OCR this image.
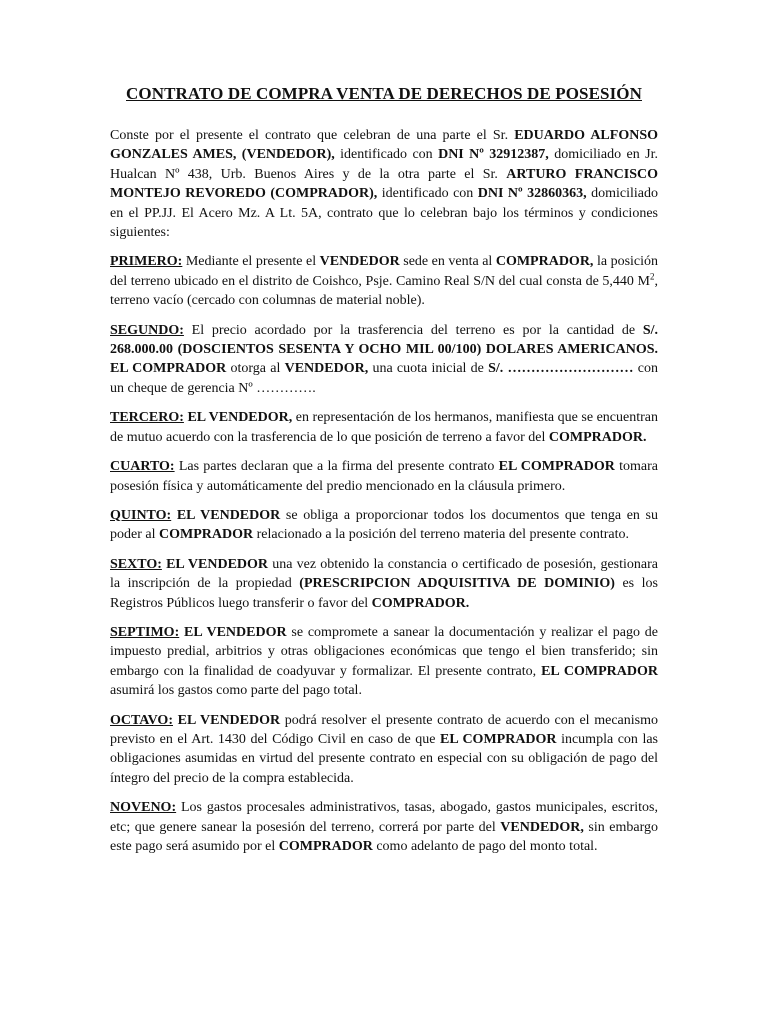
CONTRATO DE COMPRA VENTA DE DERECHOS DE POSESIÓN

Conste por el presente el contrato que celebran de una parte el Sr. EDUARDO ALFONSO GONZALES AMES, (VENDEDOR), identificado con DNI Nº 32912387, domiciliado en Jr. Hualcan Nº 438, Urb. Buenos Aires y de la otra parte el Sr. ARTURO FRANCISCO MONTEJO REVOREDO (COMPRADOR), identificado con DNI Nº 32860363, domiciliado en el PP.JJ. El Acero Mz. A Lt. 5A, contrato que lo celebran bajo los términos y condiciones siguientes:

PRIMERO: Mediante el presente el VENDEDOR sede en venta al COMPRADOR, la posición del terreno ubicado en el distrito de Coishco, Psje. Camino Real S/N del cual consta de 5,440 $M^2$, terreno vacío (cercado con columnas de material noble).

SEGUNDO: El precio acordado por la trasferencia del terreno es por la cantidad de S/. 268.000.00 (DOSCIENTOS SESENTA Y OCHO MIL 00/100) DOLARES AMERICANOS. EL COMPRADOR otorga al VENDEDOR, una cuota inicial de S/. ……………………… con un cheque de gerencia Nº ………….

TERCERO: EL VENDEDOR, en representación de los hermanos, manifiesta que se encuentran de mutuo acuerdo con la trasferencia de lo que posición de terreno a favor del COMPRADOR.

CUARTO: Las partes declaran que a la firma del presente contrato EL COMPRADOR tomara posesión física y automáticamente del predio mencionado en la cláusula primero.

QUINTO: EL VENDEDOR se obliga a proporcionar todos los documentos que tenga en su poder al COMPRADOR relacionado a la posición del terreno materia del presente contrato.

SEXTO: EL VENDEDOR una vez obtenido la constancia o certificado de posesión, gestionara la inscripción de la propiedad (PRESCRIPCION ADQUISITIVA DE DOMINIO) es los Registros Públicos luego transferir o favor del COMPRADOR.

SEPTIMO: EL VENDEDOR se compromete a sanear la documentación y realizar el pago de impuesto predial, arbitrios y otras obligaciones económicas que tengo el bien transferido; sin embargo con la finalidad de coadyuvar y formalizar. El presente contrato, EL COMPRADOR asumirá los gastos como parte del pago total.

OCTAVO: EL VENDEDOR podrá resolver el presente contrato de acuerdo con el mecanismo previsto en el Art. 1430 del Código Civil en caso de que EL COMPRADOR incumpla con las obligaciones asumidas en virtud del presente contrato en especial con su obligación de pago del íntegro del precio de la compra establecida.

NOVENO: Los gastos procesales administrativos, tasas, abogado, gastos municipales, escritos, etc; que genere sanear la posesión del terreno, correrá por parte del VENDEDOR, sin embargo este pago será asumido por el COMPRADOR como adelanto de pago del monto total.
